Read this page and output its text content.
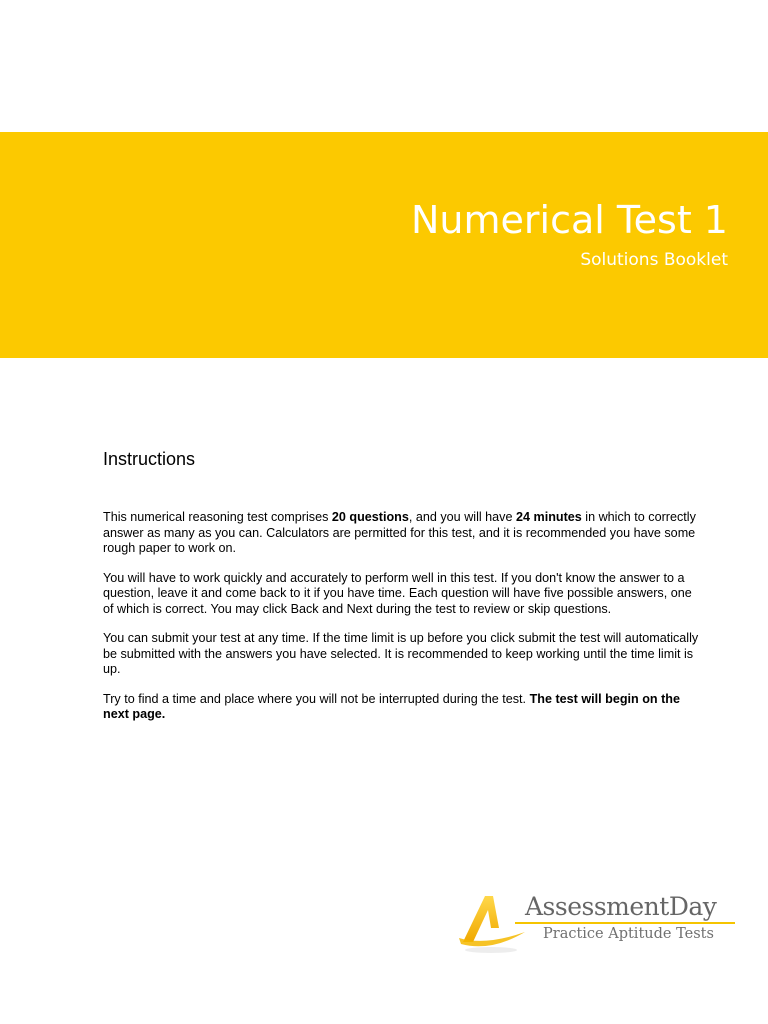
Numerical Test 1
Solutions Booklet
Instructions

This numerical reasoning test comprises 20 questions, and you will have 24 minutes in which to correctly answer as many as you can. Calculators are permitted for this test, and it is recommended you have some rough paper to work on.

You will have to work quickly and accurately to perform well in this test. If you don't know the answer to a question, leave it and come back to it if you have time. Each question will have five possible answers, one of which is correct. You may click Back and Next during the test to review or skip questions.

You can submit your test at any time. If the time limit is up before you click submit the test will automatically be submitted with the answers you have selected. It is recommended to keep working until the time limit is up.

Try to find a time and place where you will not be interrupted during the test. The test will begin on the next page.

AssessmentDay
Practice Aptitude Tests
